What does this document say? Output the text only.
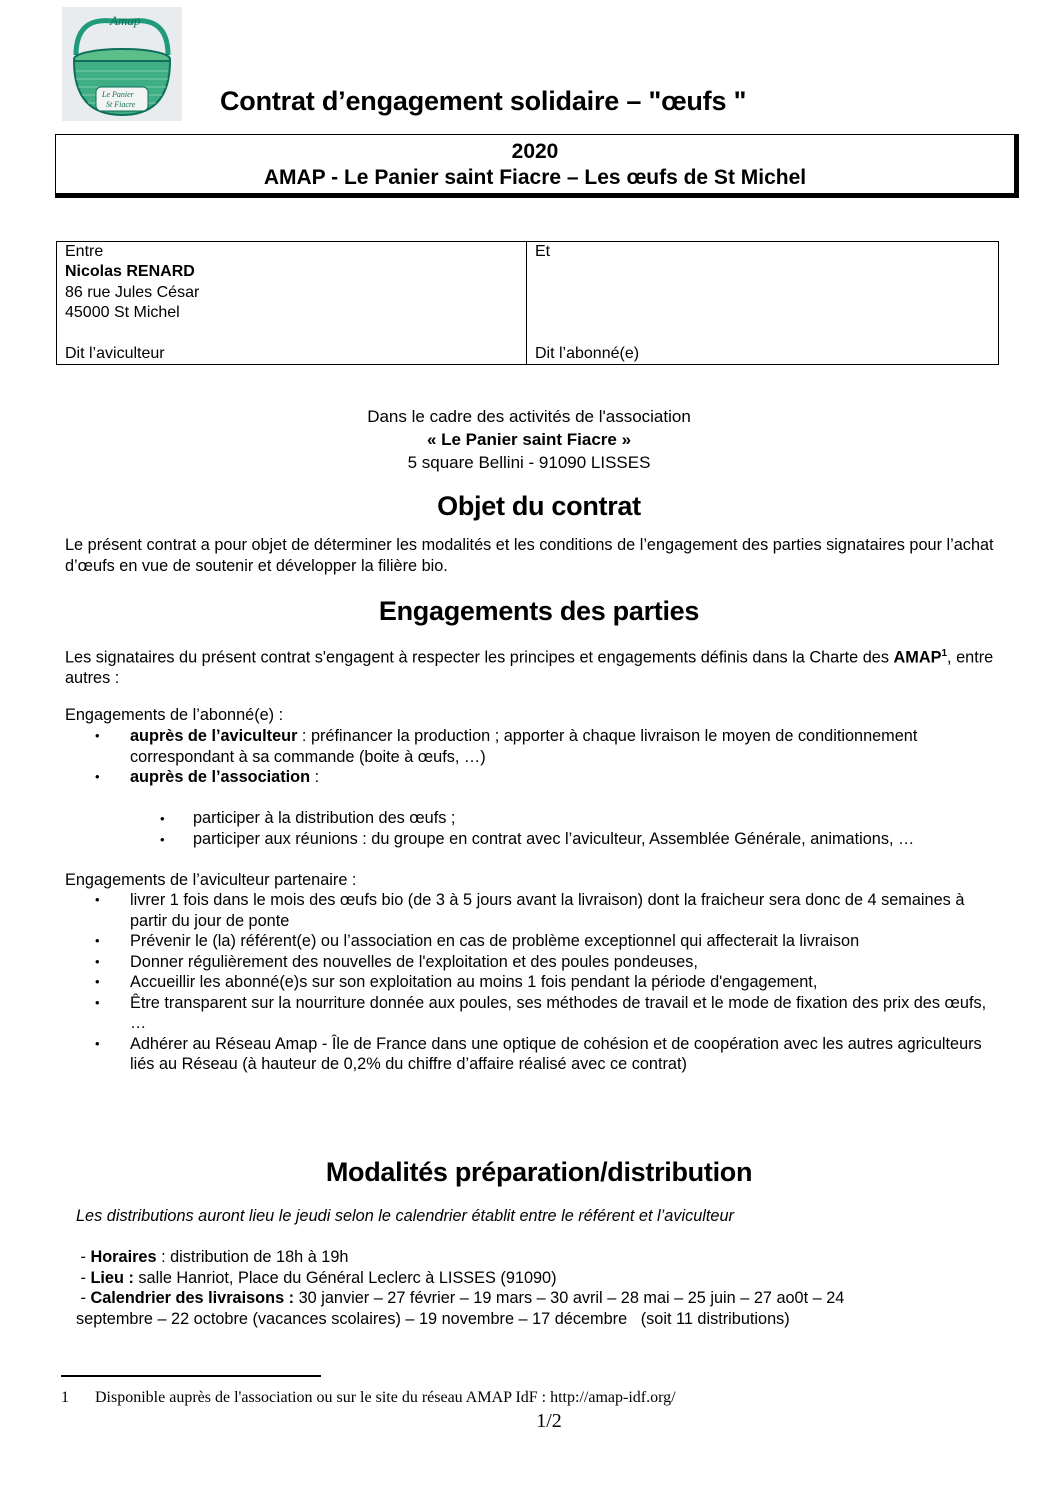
Amap
Le Panier
St Fiacre	Contrat d’engagement solidaire – "œufs "
2020
AMAP - Le Panier saint Fiacre – Les œufs de St Michel
Entre
Nicolas RENARD
86 rue Jules César
45000 St Michel
Dit l’aviculteur
Et
Dit l’abonné(e)
Dans le cadre des activités de l'association
« Le Panier saint Fiacre »
5 square Bellini - 91090 LISSES
Objet du contrat
Le présent contrat a pour objet de déterminer les modalités et les conditions de l’engagement des parties signataires pour l’achat d’œufs en vue de soutenir et développer la filière bio.
Engagements des parties
Les signataires du présent contrat s'engagent à respecter les principes et engagements définis dans la Charte des AMAP$^1$, entre autres :
Engagements de l’abonné(e) :
• auprès de l’aviculteur : préfinancer la production ; apporter à chaque livraison le moyen de conditionnement correspondant à sa commande (boite à œufs, …)
• auprès de l’association :
• participer à la distribution des œufs ;
• participer aux réunions : du groupe en contrat avec l’aviculteur, Assemblée Générale, animations, …
Engagements de l’aviculteur partenaire :
• livrer 1 fois dans le mois des œufs bio (de 3 à 5 jours avant la livraison) dont la fraicheur sera donc de 4 semaines à partir du jour de ponte
• Prévenir le (la) référent(e) ou l’association en cas de problème exceptionnel qui affecterait la livraison
• Donner régulièrement des nouvelles de l'exploitation et des poules pondeuses,
• Accueillir les abonné(e)s sur son exploitation au moins 1 fois pendant la période d'engagement,
• Être transparent sur la nourriture donnée aux poules, ses méthodes de travail et le mode de fixation des prix des œufs, …
• Adhérer au Réseau Amap - Île de France dans une optique de cohésion et de coopération avec les autres agriculteurs liés au Réseau (à hauteur de 0,2% du chiffre d’affaire réalisé avec ce contrat)
Modalités préparation/distribution
Les distributions auront lieu le jeudi selon le calendrier établit entre le référent et l’aviculteur
- Horaires : distribution de 18h à 19h
- Lieu : salle Hanriot, Place du Général Leclerc à LISSES (91090)
- Calendrier des livraisons : 30 janvier – 27 février – 19 mars – 30 avril – 28 mai – 25 juin – 27 ao0t – 24
septembre – 22 octobre (vacances scolaires) – 19 novembre – 17 décembre   (soit 11 distributions)
1 Disponible auprès de l'association ou sur le site du réseau AMAP IdF : http://amap-idf.org/
1/2
